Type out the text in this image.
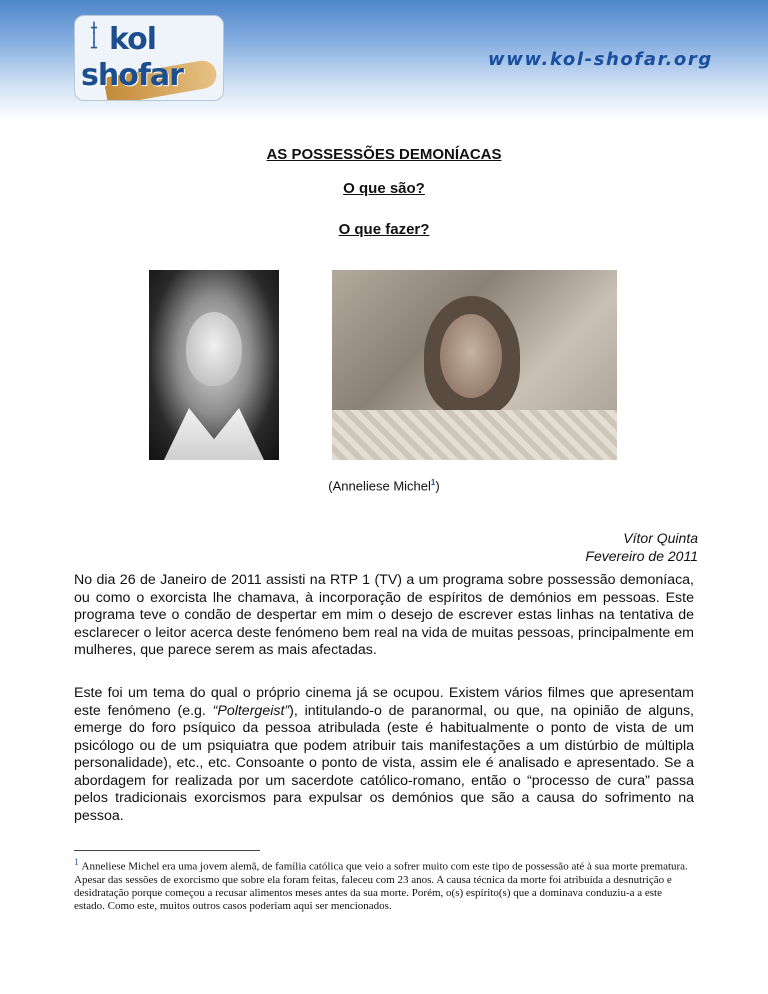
╋
┃
┻ kol
shofar	www.kol-shofar.org
AS POSSESSÕES DEMONÍACAS
O que são?
O que fazer?
(Anneliese Michel$^1$)
Vítor Quinta
Fevereiro de 2011

No dia 26 de Janeiro de 2011 assisti na RTP 1 (TV) a um programa sobre possessão demoníaca, ou como o exorcista lhe chamava, à incorporação de espíritos de demónios em pessoas. Este programa teve o condão de despertar em mim o desejo de escrever estas linhas na tentativa de esclarecer o leitor acerca deste fenómeno bem real na vida de muitas pessoas, principalmente em mulheres, que parece serem as mais afectadas.

Este foi um tema do qual o próprio cinema já se ocupou. Existem vários filmes que apresentam este fenómeno (e.g. “Poltergeist”), intitulando-o de paranormal, ou que, na opinião de alguns, emerge do foro psíquico da pessoa atribulada (este é habitualmente o ponto de vista de um psicólogo ou de um psiquiatra que podem atribuir tais manifestações a um distúrbio de múltipla personalidade), etc., etc. Consoante o ponto de vista, assim ele é analisado e apresentado. Se a abordagem for realizada por um sacerdote católico-romano, então o “processo de cura” passa pelos tradicionais exorcismos para expulsar os demónios que são a causa do sofrimento na pessoa.

$^1$ Anneliese Michel era uma jovem alemã, de família católica que veio a sofrer muito com este tipo de possessão até à sua morte prematura. Apesar das sessões de exorcismo que sobre ela foram feitas, faleceu com 23 anos. A causa técnica da morte foi atribuída a desnutrição e desidratação porque começou a recusar alimentos meses antes da sua morte. Porém, o(s) espírito(s) que a dominava conduziu-a a este estado. Como este, muitos outros casos poderiam aqui ser mencionados.
